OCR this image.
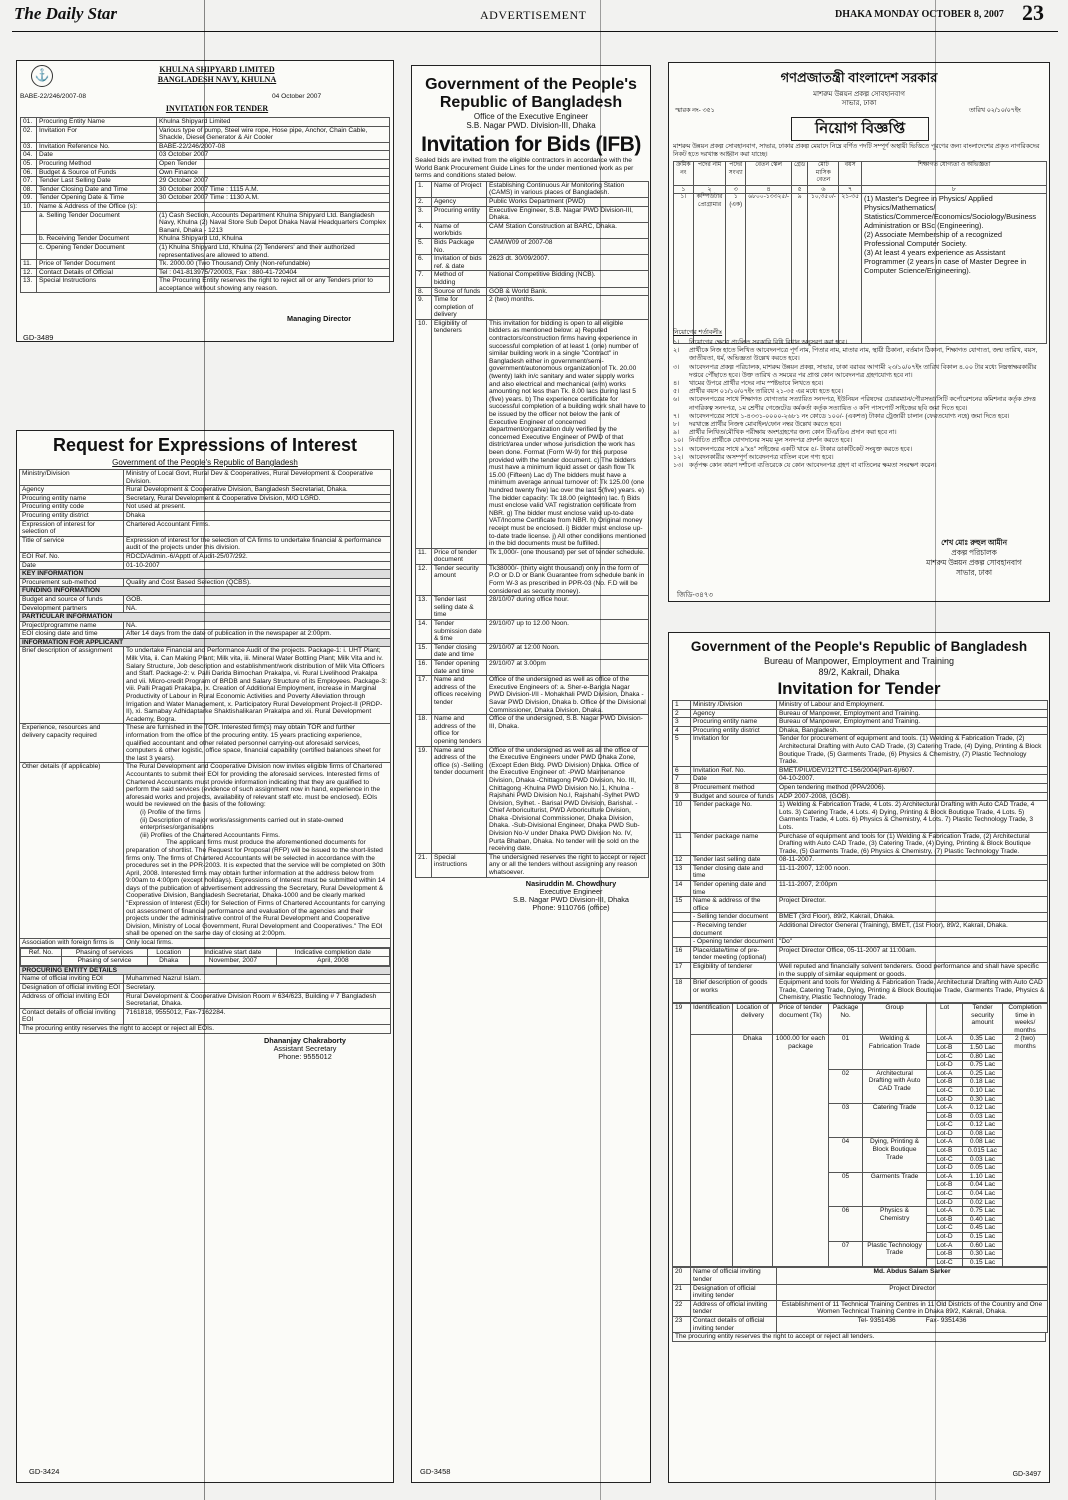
The Daily Star	ADVERTISEMENT	DHAKA MONDAY OCTOBER 8, 2007 23
⚓	KHULNA SHIPYARD LIMITED
BANGLADESH NAVY, KHULNA
BABE-22/246/2007-08	04 October 2007
INVITATION FOR TENDER
01.	Procuring Entity Name	Khulna Shipyard Limited
02.	Invitation For	Various type of pump, Steel wire rope, Hose pipe, Anchor, Chain Cable, Shackle, Diesel Generator & Air Cooler
03.	Invitation Reference No.	BABE-22/246/2007-08
04.	Date	03 October 2007
05.	Procuring Method	Open Tender
06.	Budget & Source of Funds	Own Finance
07.	Tender Last Selling Date	29 October 2007
08.	Tender Closing Date and Time	30 October 2007 Time : 1115 A.M.
09.	Tender Opening Date & Time	30 October 2007 Time : 1130 A.M.
10.	Name & Address of the Office (s):	
	a. Selling Tender Document	(1) Cash Section, Accounts Department Khulna Shipyard Ltd. Bangladesh Navy, Khulna (2) Naval Store Sub Depot Dhaka Naval Headquarters Complex Banani, Dhaka - 1213
	b. Receiving Tender Document	Khulna Shipyard Ltd, Khulna
	c. Opening Tender Document	(1) Khulna Shipyard Ltd, Khulna (2) Tenderers' and their authorized representatives are allowed to attend.
11.	Price of Tender Document	Tk. 2000.00 (Two Thousand) Only (Non-refundable)
12.	Contact Details of Official	Tel : 041-813975/720003, Fax : 880-41-720404
13.	Special Instructions	The Procuring Entity reserves the right to reject all or any Tenders prior to acceptance without showing any reason.
Managing Director
GD-3489
Request for Expressions of Interest
Government of the People's Republic of Bangladesh
Ministry/Division	Ministry of Local Govt, Rural Dev & Cooperatives, Rural Development & Cooperative Division.
Agency	Rural Development & Cooperative Division, Bangladesh Secretariat, Dhaka.
Procuring entity name	Secretary, Rural Development & Cooperative Division, M/O LGRD.
Procuring entity code	Not used at present.
Procuring entity district	Dhaka
Expression of interest for selection of	Chartered Accountant Firms.
Title of service	Expression of interest for the selection of CA firms to undertake financial & performance audit of the projects under this division.
EOI Ref. No.	RDCD/Admin.-6/Apptt of Audit-25/07/292.
Date	01-10-2007
KEY INFORMATION
Procurement sub-method	Quality and Cost Based Selection (QCBS).
FUNDING INFORMATION
Budget and source of funds	GOB.
Development partners	NA.
PARTICULAR INFORMATION
Project/programme name	NA.
EOI closing date and time	After 14 days from the date of publication in the newspaper at 2:00pm.
INFORMATION FOR APPLICANT
Brief description of assignment	To undertake Financial and Performance Audit of the projects. Package-1: i. UHT Plant; Milk Vita, ii. Can Making Plant; Milk vita, iii. Mineral Water Bottling Plant; Milk Vita and iv. Salary Structure, Job description and establishment/work distribution of Milk Vita Officers and Staff. Package-2: v. Palli Darida Bimochan Prakalpa, vi. Rural Livelihood Prakalpa and vii. Micro-credit Program of BRDB and Salary Structure of its Employees. Package-3: viii. Palli Pragati Prakalpa, ix. Creation of Additional Employment, increase in Marginal Productivity of Labour in Rural Economic Activities and Poverty Alleviation through Irrigation and Water Management, x. Participatory Rural Development Project-II (PRDP-II), xi. Samabay Adhidaptarke Shaktishalikaran Prakalpa and xii. Rural Development Academy, Bogra.
Experience, resources and delivery capacity required	These are furnished in the TOR. Interested firm(s) may obtain TOR and further information from the office of the procuring entity. 15 years practicing experience, qualified accountant and other related personnel carrying-out aforesaid services, computers & other logistic, office space, financial capability (certified balances sheet for the last 3 years).
Other details (if applicable)	The Rural Development and Cooperative Division now invites eligible firms of Chartered Accountants to submit their EOI for providing the aforesaid services. Interested firms of Chartered Accountants must provide information indicating that they are qualified to perform the said services (evidence of such assignment now in hand, experience in the aforesaid works and projects, availability of relevant staff etc. must be enclosed). EOIs would be reviewed on the basis of the following:
(i) Profile of the firms
(ii) Description of major works/assignments carried out in state-owned enterprises/organisations
(iii) Profiles of the Chartered Accountants Firms.
The applicant firms must produce the aforementioned documents for preparation of shortlist. The Request for Proposal (RFP) will be issued to the short-listed firms only. The firms of Chartered Accountants will be selected in accordance with the procedures set in the PPR-2003. It is expected that the service will be completed on 30th April, 2008. Interested firms may obtain further information at the address below from 9:00am to 4:00pm (except holidays). Expressions of Interest must be submitted within 14 days of the publication of advertisement addressing the Secretary, Rural Development & Cooperative Division, Bangladesh Secretariat, Dhaka-1000 and be clearly marked "Expression of Interest (EOI) for Selection of Firms of Chartered Accountants for carrying out assessment of financial performance and evaluation of the agencies and their projects under the administrative control of the Rural Development and Cooperative Division, Ministry of Local Government, Rural Development and Cooperatives." The EOI shall be opened on the same day of closing at 2:00pm.

Association with foreign firms is	Only local firms.

Ref. No.	Phasing of services	Location	Indicative start date	Indicative completion date
	Phasing of service	Dhaka	November, 2007	April, 2008

PROCURING ENTITY DETAILS
Name of official inviting EOI	Muhammed Nazrul Islam.
Designation of official inviting EOI	Secretary.
Address of official inviting EOI	Rural Development & Cooperative Division Room # 634/623, Building # 7 Bangladesh Secretariat, Dhaka.
Contact details of official inviting EOI	7161818, 9555012, Fax-7162284.
The procuring entity reserves the right to accept or reject all EOIs.
Dhananjay Chakraborty
Assistant Secretary
Phone: 9555012
GD-3424
Government of the People's
Republic of Bangladesh
Office of the Executive Engineer
S.B. Nagar PWD. Division-III, Dhaka
Invitation for Bids (IFB)
Sealed bids are invited from the eligible contractors in accordance with the World Bank Procurement Guide Lines for the under mentioned work as per terms and conditions stated below.
1.	Name of Project	Establishing Continuous Air Monitoring Station (CAMS) in various places of Bangladesh.
2.	Agency	Public Works Department (PWD)
3.	Procuring entity	Executive Engineer, S.B. Nagar PWD Division-III, Dhaka.
4.	Name of work/bids	CAM Station Construction at BARC, Dhaka.
5.	Bids Package No.	CAM/W09 of 2007-08
6.	Invitation of bids ref. & date	2623 dt. 30/09/2007.
7.	Method of bidding	National Competitive Bidding (NCB).
8.	Source of funds	GOB & World Bank.
9.	Time for completion of delivery	2 (two) months.
10.	Eligibility of tenderers	This invitation for bidding is open to all eligible bidders as mentioned below: a) Reputed contractors/construction firms having experience in successful completion of at least 1 (one) number of similar building work in a single "Contract" in Bangladesh either in government/semi-government/autonomous organization of Tk. 20.00 (twenty) lakh in/c sanitary and water supply works and also electrical and mechanical (e/m) works amounting not less than Tk. 8.00 lacs during last 5 (five) years. b) The experience certificate for successful completion of a building work shall have to be issued by the officer not below the rank of Executive Engineer of concerned department/organization duly verified by the concerned Executive Engineer of PWD of that district/area under whose jurisdiction the work has been done. Format (Form W-9) for this purpose provided with the tender document. c) The bidders must have a minimum liquid asset or cash flow Tk 15.00 (Fifteen) Lac d) The bidders must have a minimum average annual turnover of: Tk 125.00 (one hundred twenty five) lac over the last 5(five) years. e) The bidder capacity: Tk 18.00 (eighteen) lac. f) Bids must enclose valid VAT registration certificate from NBR. g) The bidder must enclose valid up-to-date VAT/Income Certificate from NBR. h) Original money receipt must be enclosed. i) Bidder must enclose up-to-date trade license. j) All other conditions mentioned in the bid documents must be fulfilled.
11.	Price of tender document	Tk 1,000/- (one thousand) per set of tender schedule.
12.	Tender security amount	Tk38000/- (thirty eight thousand) only in the form of P.O or D.D or Bank Guarantee from schedule bank in Form W-3 as prescribed in PPR-03 (No. F.D will be considered as security money).
13.	Tender last selling date & time	28/10/07 during office hour.
14.	Tender submission date & time	29/10/07 up to 12.00 Noon.
15.	Tender closing date and time	29/10/07 at 12:00 Noon.
16.	Tender opening date and time	29/10/07 at 3.00pm
17.	Name and address of the offices receiving tender	Office of the undersigned as well as office of the Executive Engineers of: a. Sher-e-Bangla Nagar PWD Division-I/II - Mohakhali PWD Division, Dhaka - Savar PWD Division, Dhaka b. Office of the Divisional Commissioner, Dhaka Division, Dhaka.
18.	Name and address of the office for opening tenders	Office of the undersigned, S.B. Nagar PWD Division-III, Dhaka.
19.	Name and address of the office (s) -Selling tender document	Office of the undersigned as well as all the office of the Executive Engineers under PWD Dhaka Zone, (Except Eden Bldg. PWD Division) Dhaka. Office of the Executive Engineer of: -PWD Maintenance Division, Dhaka -Chittagong PWD Division, No. III, Chittagong -Khulna PWD Division No. 1, Khulna - Rajshahi PWD Division No.I, Rajshahi -Sylhet PWD Division, Sylhet. - Barisal PWD Division, Barishal. -Chief Arboriculturist, PWD Arboriculture Division, Dhaka -Divisional Commissioner, Dhaka Division, Dhaka. -Sub-Divisional Engineer, Dhaka PWD Sub-Division No-V under Dhaka PWD Division No. IV, Purta Bhaban, Dhaka. No tender will be sold on the receiving date.
21.	Special instructions	The undersigned reserves the right to accept or reject any or all the tenders without assigning any reason whatsoever.
Nasiruddin M. Chowdhury
Executive Engineer
S.B. Nagar PWD Division-III, Dhaka
Phone: 9110766 (office)
GD-3458
গণপ্রজাতন্ত্রী বাংলাদেশ সরকার
মাশরুম উন্নয়ন প্রকল্প সোবহানবাগ
সাভার, ঢাকা
স্মারক নং- ৩৫১	তারিখ ০২/১০/০৭ইং
নিয়োগ বিজ্ঞপ্তি
মাশরুম উন্নয়ন প্রকল্প সোবহানবাগ, সাভার, ঢাকার প্রকল্প মেয়াদে নিম্নে বর্ণিত পদটি সম্পূর্ণ অস্থায়ী ভিত্তিতে পূরণের জন্য বাংলাদেশের প্রকৃত নাগরিকদের নিকট হতে দরখাস্ত আহ্বান করা যাচ্ছে।
ক্রমিক নং	পদের নাম	পদের সংখ্যা	বেতন স্কেল	গ্রেড	মোট মাসিক বেতন	বয়স	শিক্ষাগত যোগ্যতা ও অভিজ্ঞতা
১	২	৩	৪	৫	৬	৭	৮
১।	কম্পিউটার প্রোগ্রামার	১ (এক)	৬৮০০-১৩৩২৫/-	৯	১০,৩৫০/-	২১-৩৫	(1) Master's Degree in Physics/ Applied Physics/Mathematics/ Statistics/Commerce/Economics/Sociology/Business Administration or BSc (Engineering).
(2) Associate Membership of a recognized Professional Computer Society.
(3) At least 4 years experience as Assistant Programmer (2 years in case of Master Degree in Computer Science/Engineering).
নিয়োগের শর্তাবলীঃ
১।	নিয়োগের ক্ষেত্রে প্রচলিত সরকারি বিধি বিধান অনুসরণ করা হবে।
২।	প্রার্থীকে নিজ হাতে লিখিত আবেদনপত্রে পূর্ণ নাম, পিতার নাম, মাতার নাম, স্থায়ী ঠিকানা, বর্তমান ঠিকানা, শিক্ষাগত যোগ্যতা, জন্ম তারিখ, বয়স, জাতীয়তা, ধর্ম, অভিজ্ঞতা উল্লেখ করতে হবে।
৩।	আবেদনপত্র প্রকল্প পরিচালক, মাশরুম উন্নয়ন প্রকল্প, সাভার, ঢাকা বরাবর আগামী ২৩/১০/০৭ইং তারিখ বিকাল ৪.০০ টার মধ্যে নিম্নস্বাক্ষরকারীর দপ্তরে পৌঁছাতে হবে। উক্ত তারিখ ও সময়ের পর প্রাপ্ত কোন আবেদনপত্র গ্রহণযোগ্য হবে না।
৪।	খামের উপরে প্রার্থীর পদের নাম স্পষ্টভাবে লিখতে হবে।
৫।	প্রার্থীর বয়স ০১/১০/০৭ইং তারিখে ২১-৩৫ এর মধ্যে হতে হবে।
৬।	আবেদনপত্রের সাথে শিক্ষাগত যোগ্যতার সত্যায়িত সনদপত্র, ইউনিয়ন পরিষদের চেয়ারম্যান/পৌরসভা/সিটি কর্পোরেশনের কমিশনার কর্তৃক প্রদত্ত নাগরিকত্ব সনদপত্র, ১ম শ্রেণীর গেজেটেড কর্মকর্তা কর্তৃক সত্যায়িত ৩ কপি পাসপোর্ট সাইজের ছবি জমা দিতে হবে।
৭।	আবেদনপত্রের সাথে ১-৪৩৩১-০০০০-২৬৮১ নং কোডে ১০০/- (একশত) টাকার ট্রেজারী চালান (ফেরতযোগ্য নহে) জমা দিতে হবে।
৮।	দরখাস্তে প্রার্থীর নিজস্ব মোবাইল/ফোন নম্বর উল্লেখ করতে হবে।
৯।	প্রার্থীর লিখিত/মৌখিক পরীক্ষায় অংশগ্রহণের জন্য কোন টিএ/ডিএ প্রদান করা হবে না।
১০। নির্বাচিত প্রার্থীকে যোগদানের সময় মূল সনদপত্র প্রদর্শন করতে হবে।
১১। আবেদনপত্রের সাথে ৯"x৪" সাইজের একটি খামে ৫/- টাকার ডাকটিকেট সংযুক্ত করতে হবে।
১২। আবেদনকারীর অসম্পূর্ণ আবেদনপত্র বাতিল বলে গণ্য হবে।
১৩। কর্তৃপক্ষ কোন কারণ দর্শানো ব্যতিরেকে যে কোন আবেদনপত্র গ্রহণ বা বাতিলের ক্ষমতা সংরক্ষণ করেন।
শেখ মোঃ রুহুল আমীন
প্রকল্প পরিচালক
মাশরুম উন্নয়ন প্রকল্প সোবহানবাগ
সাভার, ঢাকা
জিডি-৩৪৭৩
Government of the People's Republic of Bangladesh
Bureau of Manpower, Employment and Training
89/2, Kakrail, Dhaka
Invitation for Tender
1	Ministry /Division	Ministry of Labour and Employment.
2	Agency	Bureau of Manpower, Employment and Training.
3	Procuring entity name	Bureau of Manpower, Employment and Training.
4	Procuring entity district	Dhaka, Bangladesh.
5	Invitation for	Tender for procurement of equipment and tools. (1) Welding & Fabrication Trade, (2) Architectural Drafting with Auto CAD Trade, (3) Catering Trade, (4) Dying, Printing & Block Boutique Trade, (5) Garments Trade, (6) Physics & Chemistry, (7) Plastic Technology Trade.
6	Invitation Ref. No.	BMET/PIU/DEV/12TTC-156/2004(Part-6)/607.
7	Date	04-10-2007.
8	Procurement method	Open tendering method (PPA/2006).
9	Budget and source of funds	ADP 2007-2008, (GOB).
10	Tender package No.	1) Welding & Fabrication Trade, 4 Lots. 2) Architectural Drafting with Auto CAD Trade, 4 Lots. 3) Catering Trade, 4 Lots. 4) Dying, Printing & Block Boutique Trade, 4 Lots. 5) Garments Trade, 4 Lots. 6) Physics & Chemistry, 4 Lots. 7) Plastic Technology Trade, 3 Lots.
11	Tender package name	Purchase of equipment and tools for (1) Welding & Fabrication Trade, (2) Architectural Drafting with Auto CAD Trade, (3) Catering Trade, (4) Dying, Printing & Block Boutique Trade, (5) Garments Trade, (6) Physics & Chemistry, (7) Plastic Technology Trade.
12	Tender last selling date	08-11-2007.
13	Tender closing date and time	11-11-2007, 12:00 noon.
14	Tender opening date and time	11-11-2007, 2:00pm
15	Name & address of the office	Project Director.
	- Selling tender document	BMET (3rd Floor), 89/2, Kakrail, Dhaka.
	- Receiving tender document	Additional Director General (Training), BMET, (1st Floor), 89/2, Kakrail, Dhaka.
	- Opening tender document	"Do"
16	Place/date/time of pre-tender meeting (optional)	Project Director Office, 05-11-2007 at 11:00am.
17	Eligibility of tenderer	Well reputed and financially solvent tenderers. Good performance and shall have specific in the supply of similar equipment or goods.
18	Brief description of goods or works	Equipment and tools for Welding & Fabrication Trade, Architectural Drafting with Auto CAD Trade, Catering Trade, Dying, Printing & Block Boutique Trade, Garments Trade, Physics & Chemistry, Plastic Technology Trade.
19	Identification	Location of delivery	Price of tender document (Tk)	Package No.	Group	Lot	Tender security amount	Completion time in weeks/ months
		Dhaka	1000.00 for each package	01	Welding & Fabrication Trade	Lot-A	0.35 Lac	2 (two) months
						Lot-B	1.50 Lac	
						Lot-C	0.80 Lac	
						Lot-D	0.75 Lac	
				02	Architectural Drafting with Auto CAD Trade	Lot-A	0.25 Lac	
						Lot-B	0.18 Lac	
						Lot-C	0.10 Lac	
						Lot-D	0.30 Lac	
				03	Catering Trade	Lot-A	0.12 Lac	
						Lot-B	0.03 Lac	
						Lot-C	0.12 Lac	
						Lot-D	0.08 Lac	
				04	Dying, Printing & Block Boutique Trade	Lot-A	0.08 Lac	
						Lot-B	0.015 Lac	
						Lot-C	0.03 Lac	
						Lot-D	0.05 Lac	
				05	Garments Trade	Lot-A	1.10 Lac	
						Lot-B	0.04 Lac	
						Lot-C	0.04 Lac	
						Lot-D	0.02 Lac	
				06	Physics & Chemistry	Lot-A	0.75 Lac	
						Lot-B	0.40 Lac	
						Lot-C	0.45 Lac	
						Lot-D	0.15 Lac	
				07	Plastic Technology Trade	Lot-A	0.60 Lac	
						Lot-B	0.30 Lac	
						Lot-C	0.15 Lac	
20	Name of official inviting tender	Md. Abdus Salam Sarker
21	Designation of official inviting tender	Project Director
22	Address of official inviting tender	Establishment of 11 Technical Training Centres in 11 Old Districts of the Country and One Women Technical Training Centre in Dhaka 89/2, Kakrail, Dhaka.
23	Contact details of official inviting tender	Tel- 9351436 Fax- 9351436
The procuring entity reserves the right to accept or reject all tenders.
GD-3497
